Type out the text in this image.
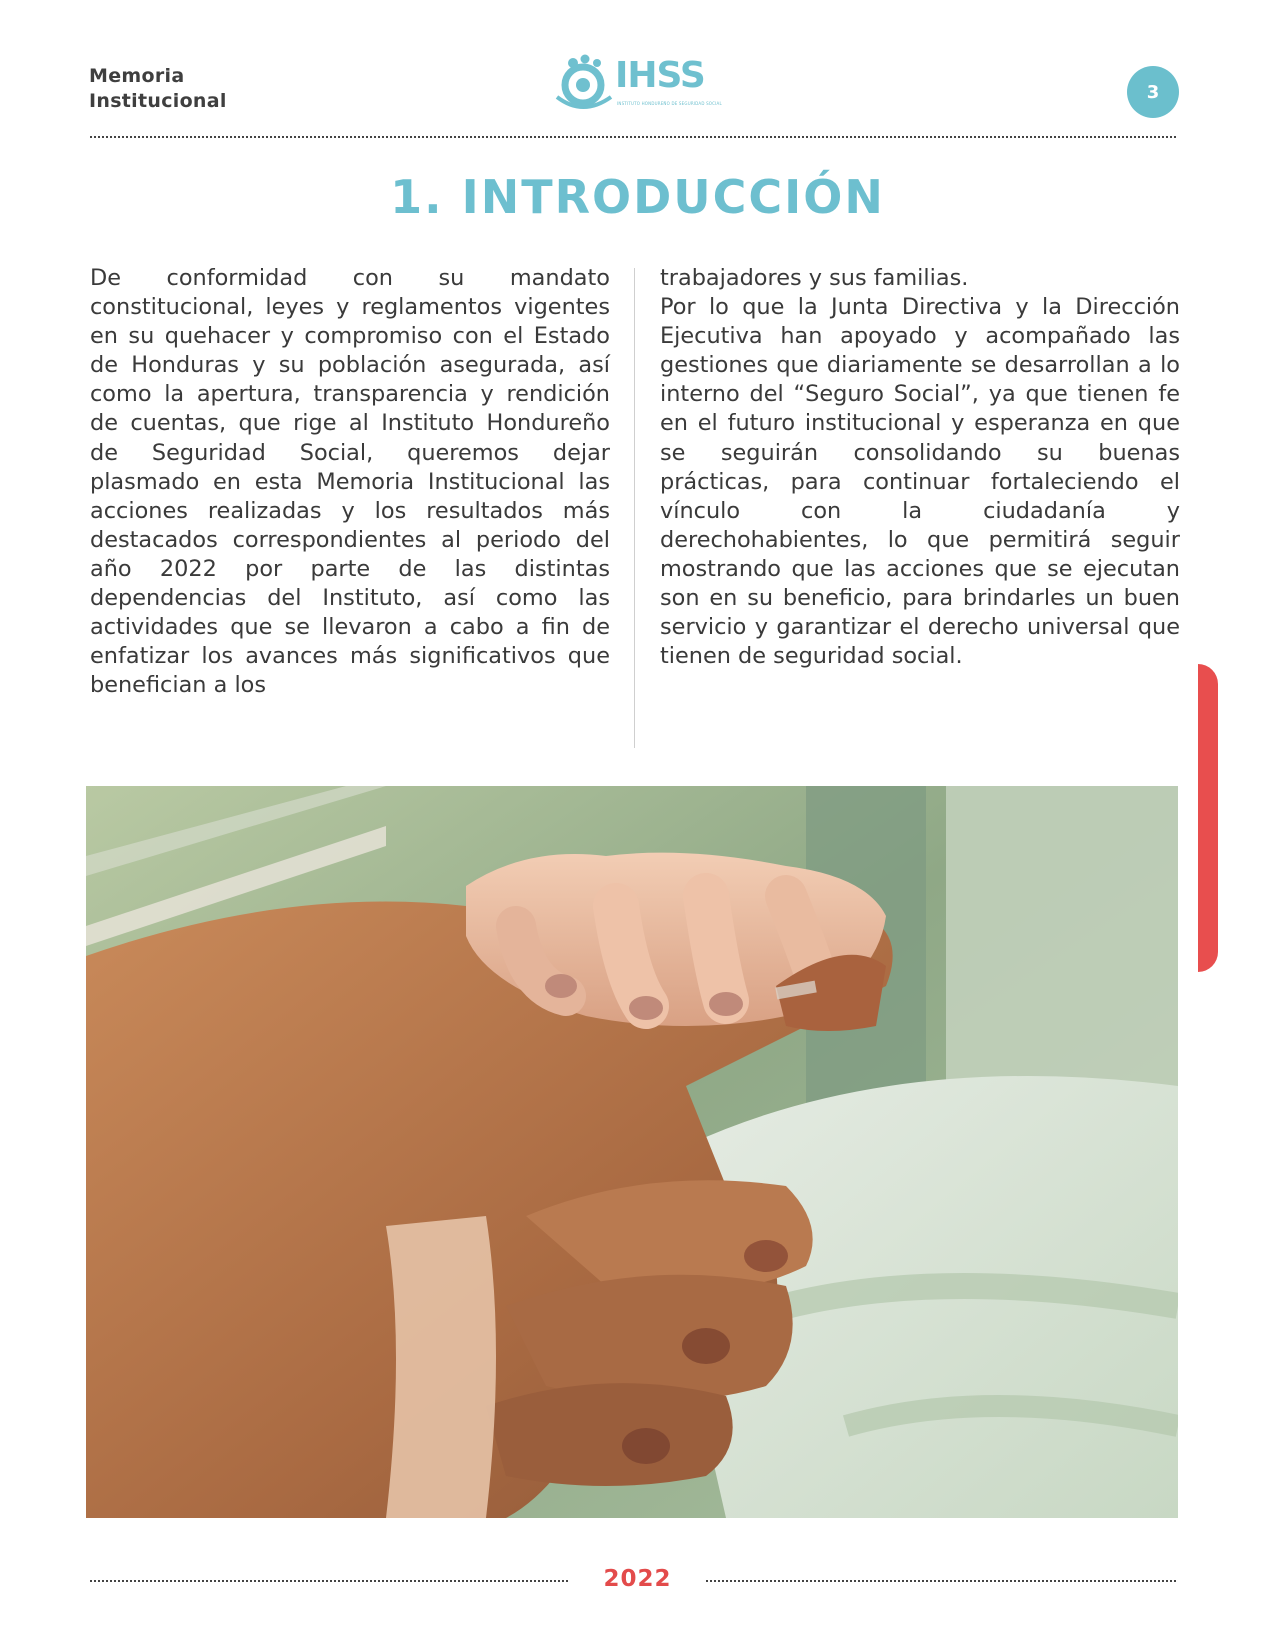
Memoria
Institucional
IHSS
INSTITUTO HONDUREÑO DE SEGURIDAD SOCIAL
3
1. INTRODUCCIÓN

De conformidad con su mandato constitucional, leyes y reglamentos vigentes en su quehacer y compromiso con el Estado de Honduras y su población asegurada, así como la apertura, transparencia y rendición de cuentas, que rige al Instituto Hondureño de Seguridad Social, queremos dejar plasmado en esta Memoria Institucional las acciones realizadas y los resultados más destacados correspondientes al periodo del año 2022 por parte de las distintas dependencias del Instituto, así como las actividades que se llevaron a cabo a fin de enfatizar los avances más significativos que benefician a los

trabajadores y sus familias.

Por lo que la Junta Directiva y la Dirección Ejecutiva han apoyado y acompañado las gestiones que diariamente se desarrollan a lo interno del “Seguro Social”, ya que tienen fe en el futuro institucional y esperanza en que se seguirán consolidando su buenas prácticas, para continuar fortaleciendo el vínculo con la ciudadanía y derechohabientes, lo que permitirá seguir mostrando que las acciones que se ejecutan son en su beneficio, para brindarles un buen servicio y garantizar el derecho universal que tienen de seguridad social.

2022
